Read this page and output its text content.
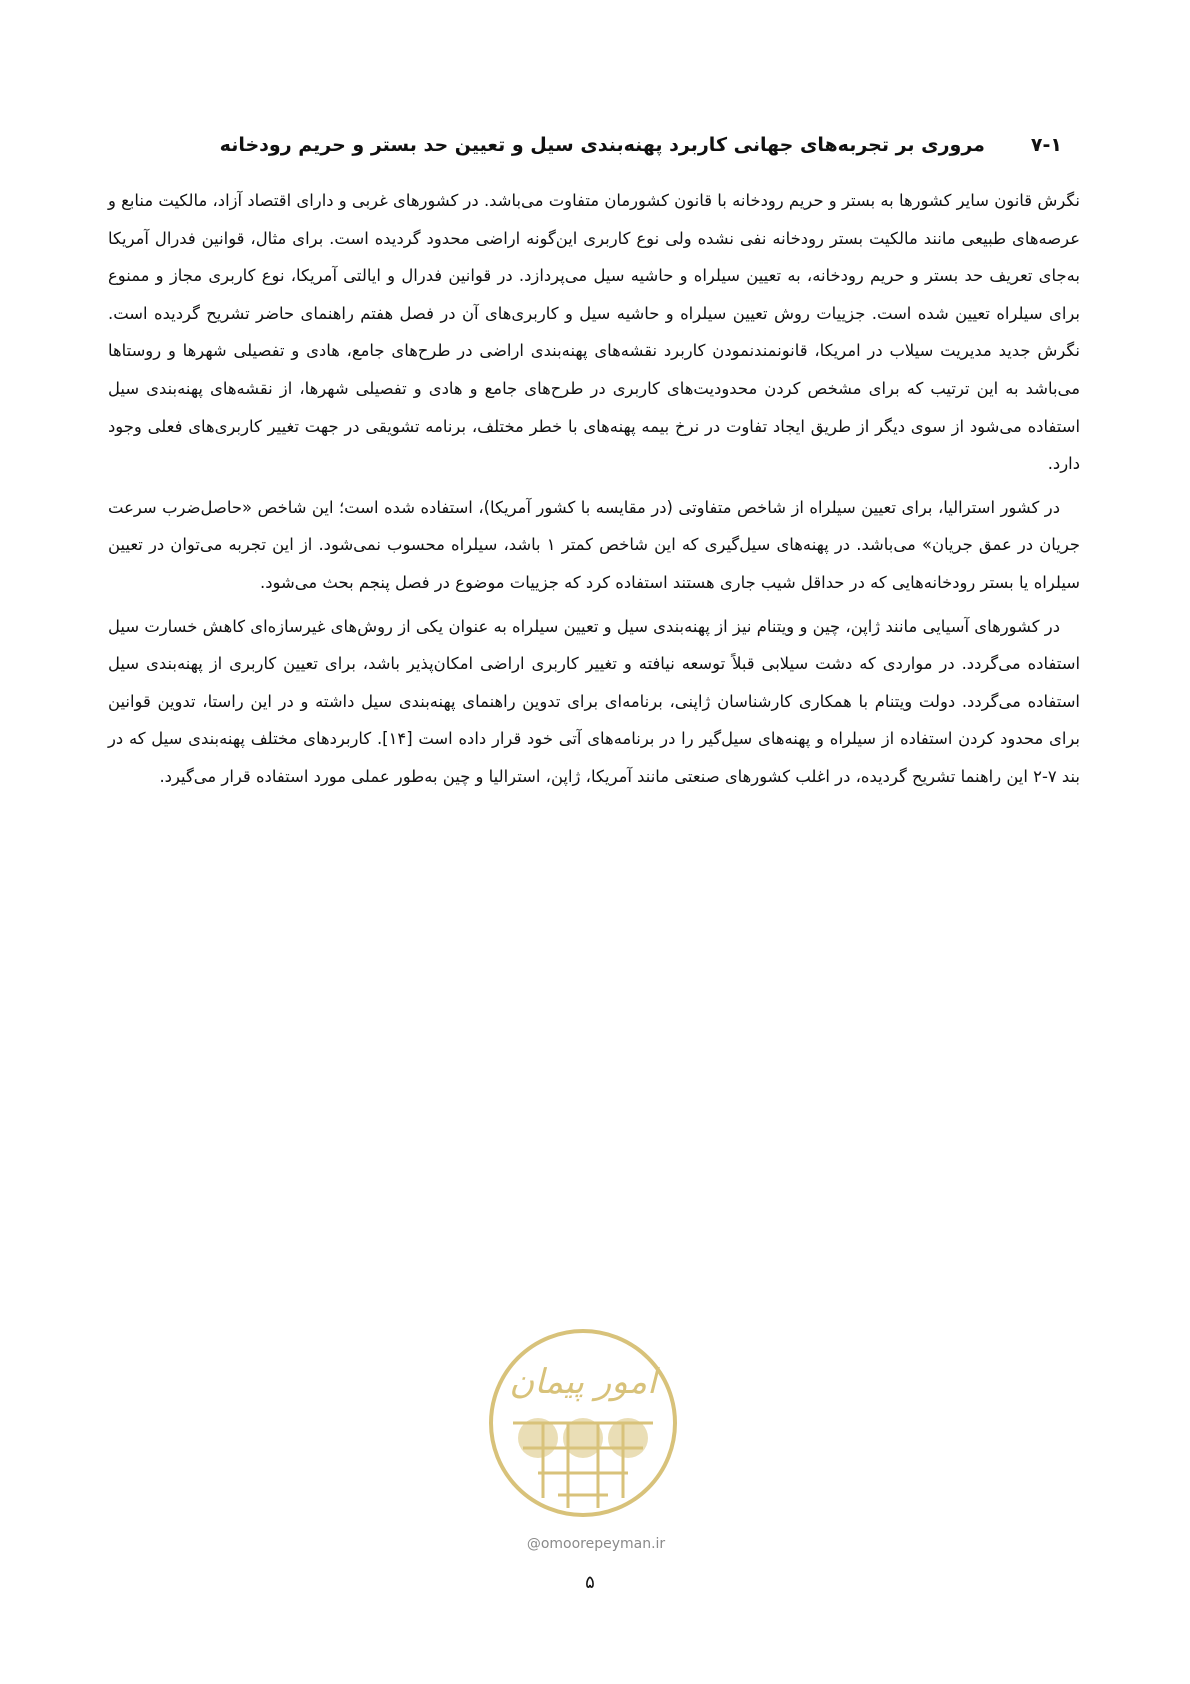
۷-۱مروری بر تجربه‌های جهانی کاربرد پهنه‌بندی سیل و تعیین حد بستر و حریم رودخانه

نگرش قانون سایر کشورها به بستر و حریم رودخانه با قانون کشورمان متفاوت می‌باشد. در کشورهای غربی و دارای اقتصاد آزاد، مالکیت منابع و عرصه‌های طبیعی مانند مالکیت بستر رودخانه نفی نشده ولی نوع کاربری این‌گونه اراضی محدود گردیده است. برای مثال، قوانین فدرال آمریکا به‌جای تعریف حد بستر و حریم رودخانه، به تعیین سیلراه و حاشیه سیل می‌پردازد. در قوانین فدرال و ایالتی آمریکا، نوع کاربری مجاز و ممنوع برای سیلراه تعیین شده است. جزییات روش تعیین سیلراه و حاشیه سیل و کاربری‌های آن در فصل هفتم راهنمای حاضر تشریح گردیده است. نگرش جدید مدیریت سیلاب در امریکا، قانونمندنمودن کاربرد نقشه‌های پهنه‌بندی اراضی در طرح‌های جامع، هادی و تفصیلی شهرها و روستاها می‌باشد به این ترتیب که برای مشخص کردن محدودیت‌های کاربری در طرح‌های جامع و هادی و تفصیلی شهرها، از نقشه‌های پهنه‌بندی سیل استفاده می‌شود از سوی دیگر از طریق ایجاد تفاوت در نرخ بیمه پهنه‌های با خطر مختلف، برنامه تشویقی در جهت تغییر کاربری‌های فعلی وجود دارد.

در کشور استرالیا، برای تعیین سیلراه از شاخص متفاوتی (در مقایسه با کشور آمریکا)، استفاده شده است؛ این شاخص «حاصل‌ضرب سرعت جریان در عمق جریان» می‌باشد. در پهنه‌های سیل‌گیری که این شاخص کمتر ۱ باشد، سیلراه محسوب نمی‌شود. از این تجربه می‌توان در تعیین سیلراه یا بستر رودخانه‌هایی که در حداقل شیب جاری هستند استفاده کرد که جزییات موضوع در فصل پنجم بحث می‌شود.

در کشورهای آسیایی مانند ژاپن، چین و ویتنام نیز از پهنه‌بندی سیل و تعیین سیلراه به عنوان یکی از روش‌های غیرسازه‌ای کاهش خسارت سیل استفاده می‌گردد. در مواردی که دشت سیلابی قبلاً توسعه نیافته و تغییر کاربری اراضی امکان‌پذیر باشد، برای تعیین کاربری از پهنه‌بندی سیل استفاده می‌گردد. دولت ویتنام با همکاری کارشناسان ژاپنی، برنامه‌ای برای تدوین راهنمای پهنه‌بندی سیل داشته و در این راستا، تدوین قوانین برای محدود کردن استفاده از سیلراه و پهنه‌های سیل‌گیر را در برنامه‌های آتی خود قرار داده است [۱۴]. کاربردهای مختلف پهنه‌بندی سیل که در بند ۷-۲ این راهنما تشریح گردیده، در اغلب کشورهای صنعتی مانند آمریکا، ژاپن، استرالیا و چین به‌طور عملی مورد استفاده قرار می‌گیرد.

امور پیمان
@omoorepeyman.ir
۵
